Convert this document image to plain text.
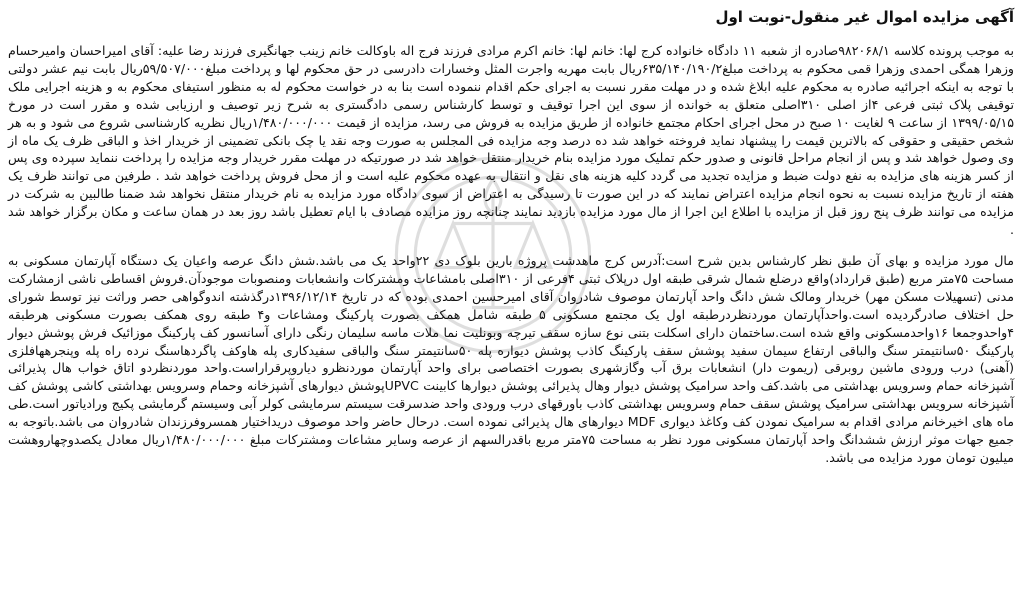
آگهی مزایده اموال غیر منقول-نوبت اول

به موجب پرونده کلاسه ۹۸۲۰۶۸/۱صادره از شعبه ۱۱ دادگاه خانواده کرج لها: خانم لها: خانم اکرم مرادی فرزند فرج اله باوکالت خانم زینب جهانگیری فرزند رضا علیه: آقای امیراحسان وامیرحسام وزهرا همگی احمدی وزهرا قمی محکوم به پرداخت مبلغ۶۳۵/۱۴۰/۱۹۰/۲ریال بابت مهریه واجرت المثل وخسارات دادرسی در حق محکوم لها و پرداخت مبلغ۵۹/۵۰۷/۰۰۰ریال بابت نیم عشر دولتی با توجه به اینکه اجرائیه صادره به محکوم علیه ابلاغ شده و در مهلت مقرر نسبت به اجرای حکم اقدام ننموده است بنا به در خواست محکوم له به منظور استیفای محکوم به و هزینه اجرایی ملک توقیفی پلاک ثبتی فرعی ۴از اصلی ۳۱۰اصلی متعلق به خوانده از سوی این اجرا توقیف و توسط کارشناس رسمی دادگستری به شرح زیر توصیف و ارزیابی شده و مقرر است در مورخ ۱۳۹۹/۰۵/۱۵ از ساعت ۹ لغایت ۱۰ صبح در محل اجرای احکام مجتمع خانواده از طریق مزایده به فروش می رسد، مزایده از قیمت ۱/۴۸۰/۰۰۰/۰۰۰ریال نظریه کارشناسی شروع می شود و به هر شخص حقیقی و حقوقی که بالاترین قیمت را پیشنهاد نماید فروخته خواهد شد ده درصد وجه مزایده فی المجلس به صورت وجه نقد یا چک بانکی تضمینی از خریدار اخذ و الباقی ظرف یک ماه از وی وصول خواهد شد و پس از انجام مراحل قانونی و صدور حکم تملیک مورد مزایده بنام خریدار منتقل خواهد شد در صورتیکه در مهلت مقرر خریدار وجه مزایده را پرداخت ننماید سپرده وی پس از کسر هزینه های مزایده به نفع دولت ضبط و مزایده تجدید می گردد کلیه هزینه های نقل و انتقال به عهده محکوم علیه است و از محل فروش پرداخت خواهد شد . طرفین می توانند ظرف یک هفته از تاریخ مزایده نسبت به نحوه انجام مزایده اعتراض نمایند که در این صورت تا رسیدگی به اعتراض از سوی دادگاه مورد مزایده به نام خریدار منتقل نخواهد شد ضمنا طالبین به شرکت در مزایده می توانند ظرف پنج روز قبل از مزایده با اطلاع این اجرا از مال مورد مزایده بازدید نمایند چنانچه روز مزایده مصادف با ایام تعطیل باشد روز بعد در همان ساعت و مکان برگزار خواهد شد .

مال مورد مزایده و بهای آن طبق نظر کارشناس بدین شرح است:آدرس کرج ماهدشت پروژه بارین بلوک دی ۲۲واحد یک می باشد.شش دانگ عرصه واعیان یک دستگاه آپارتمان مسکونی به مساحت ۷۵متر مربع (طبق قرارداد)واقع درضلع شمال شرقی طبقه اول درپلاک ثبتی ۴فرعی از ۳۱۰اصلی بامشاعات ومشترکات وانشعابات ومنصوبات موجودآن.فروش اقساطی ناشی ازمشارکت مدنی (تسهیلات مسکن مهر) خریدار ومالک شش دانگ واحد آپارتمان موصوف شادروان آقای امیرحسین احمدی بوده که در تاریخ ۱۳۹۶/۱۲/۱۴درگذشته اندوگواهی حصر وراثت نیز توسط شورای حل اختلاف صادرگردیده است.واحدآپارتمان موردنظردرطبقه اول یک مجتمع مسکونی ۵ طبقه شامل همکف بصورت پارکینگ ومشاعات و۴ طبقه روی همکف بصورت مسکونی هرطبقه ۴واحدوجمعا ۱۶واحدمسکونی واقع شده است.ساختمان دارای اسکلت بتنی نوع سازه سقف تیرچه وبونلیت نما ملات ماسه سلیمان رنگی دارای آسانسور کف پارکینگ موزائیک فرش پوشش دیوار پارکینگ ۵۰سانتیمتر سنگ والباقی ارتفاع سیمان سفید پوشش سقف پارکینگ کاذب پوشش دیواره پله ۵۰سانتیمتر سنگ والباقی سفیدکاری پله هاوکف پاگردهاسنگ نرده راه پله وپنجرههافلزی (آهنی) درب ورودی ماشین روبرقی (ریموت دار) انشعابات برق آب وگازشهری بصورت اختصاصی برای واحد آپارتمان موردنظرو دیاروپرقراراست.واحد موردنظردو اتاق خواب هال پذیرائی آشپزخانه حمام وسرویس بهداشتی می باشد.کف واحد سرامیک پوشش دیوار وهال پذیرائی پوشش دیوارها کابینت UPVCپوشش دیوارهای آشپزخانه وحمام وسرویس بهداشتی کاشی پوشش کف آشپزخانه سرویس بهداشتی سرامیک پوشش سقف حمام وسرویس بهداشتی کاذب باورقهای درب ورودی واحد ضدسرقت سیستم سرمایشی کولر آبی وسیستم گرمایشی پکیج ورادیاتور است.طی ماه های اخیرخانم مرادی اقدام به سرامیک نمودن کف وکاغذ دیواری MDF دیوارهای هال پذیرائی نموده است. درحال حاضر واحد موصوف دریداختیار همسروفرزندان شادروان می باشد.باتوجه به جمیع جهات موثر ارزش ششدانگ واحد آپارتمان مسکونی مورد نظر به مساحت ۷۵متر مربع باقدرالسهم از عرصه وسایر مشاعات ومشترکات مبلغ ۱/۴۸۰/۰۰۰/۰۰۰ریال معادل یکصدوچهاروهشت میلیون تومان مورد مزایده می باشد.
